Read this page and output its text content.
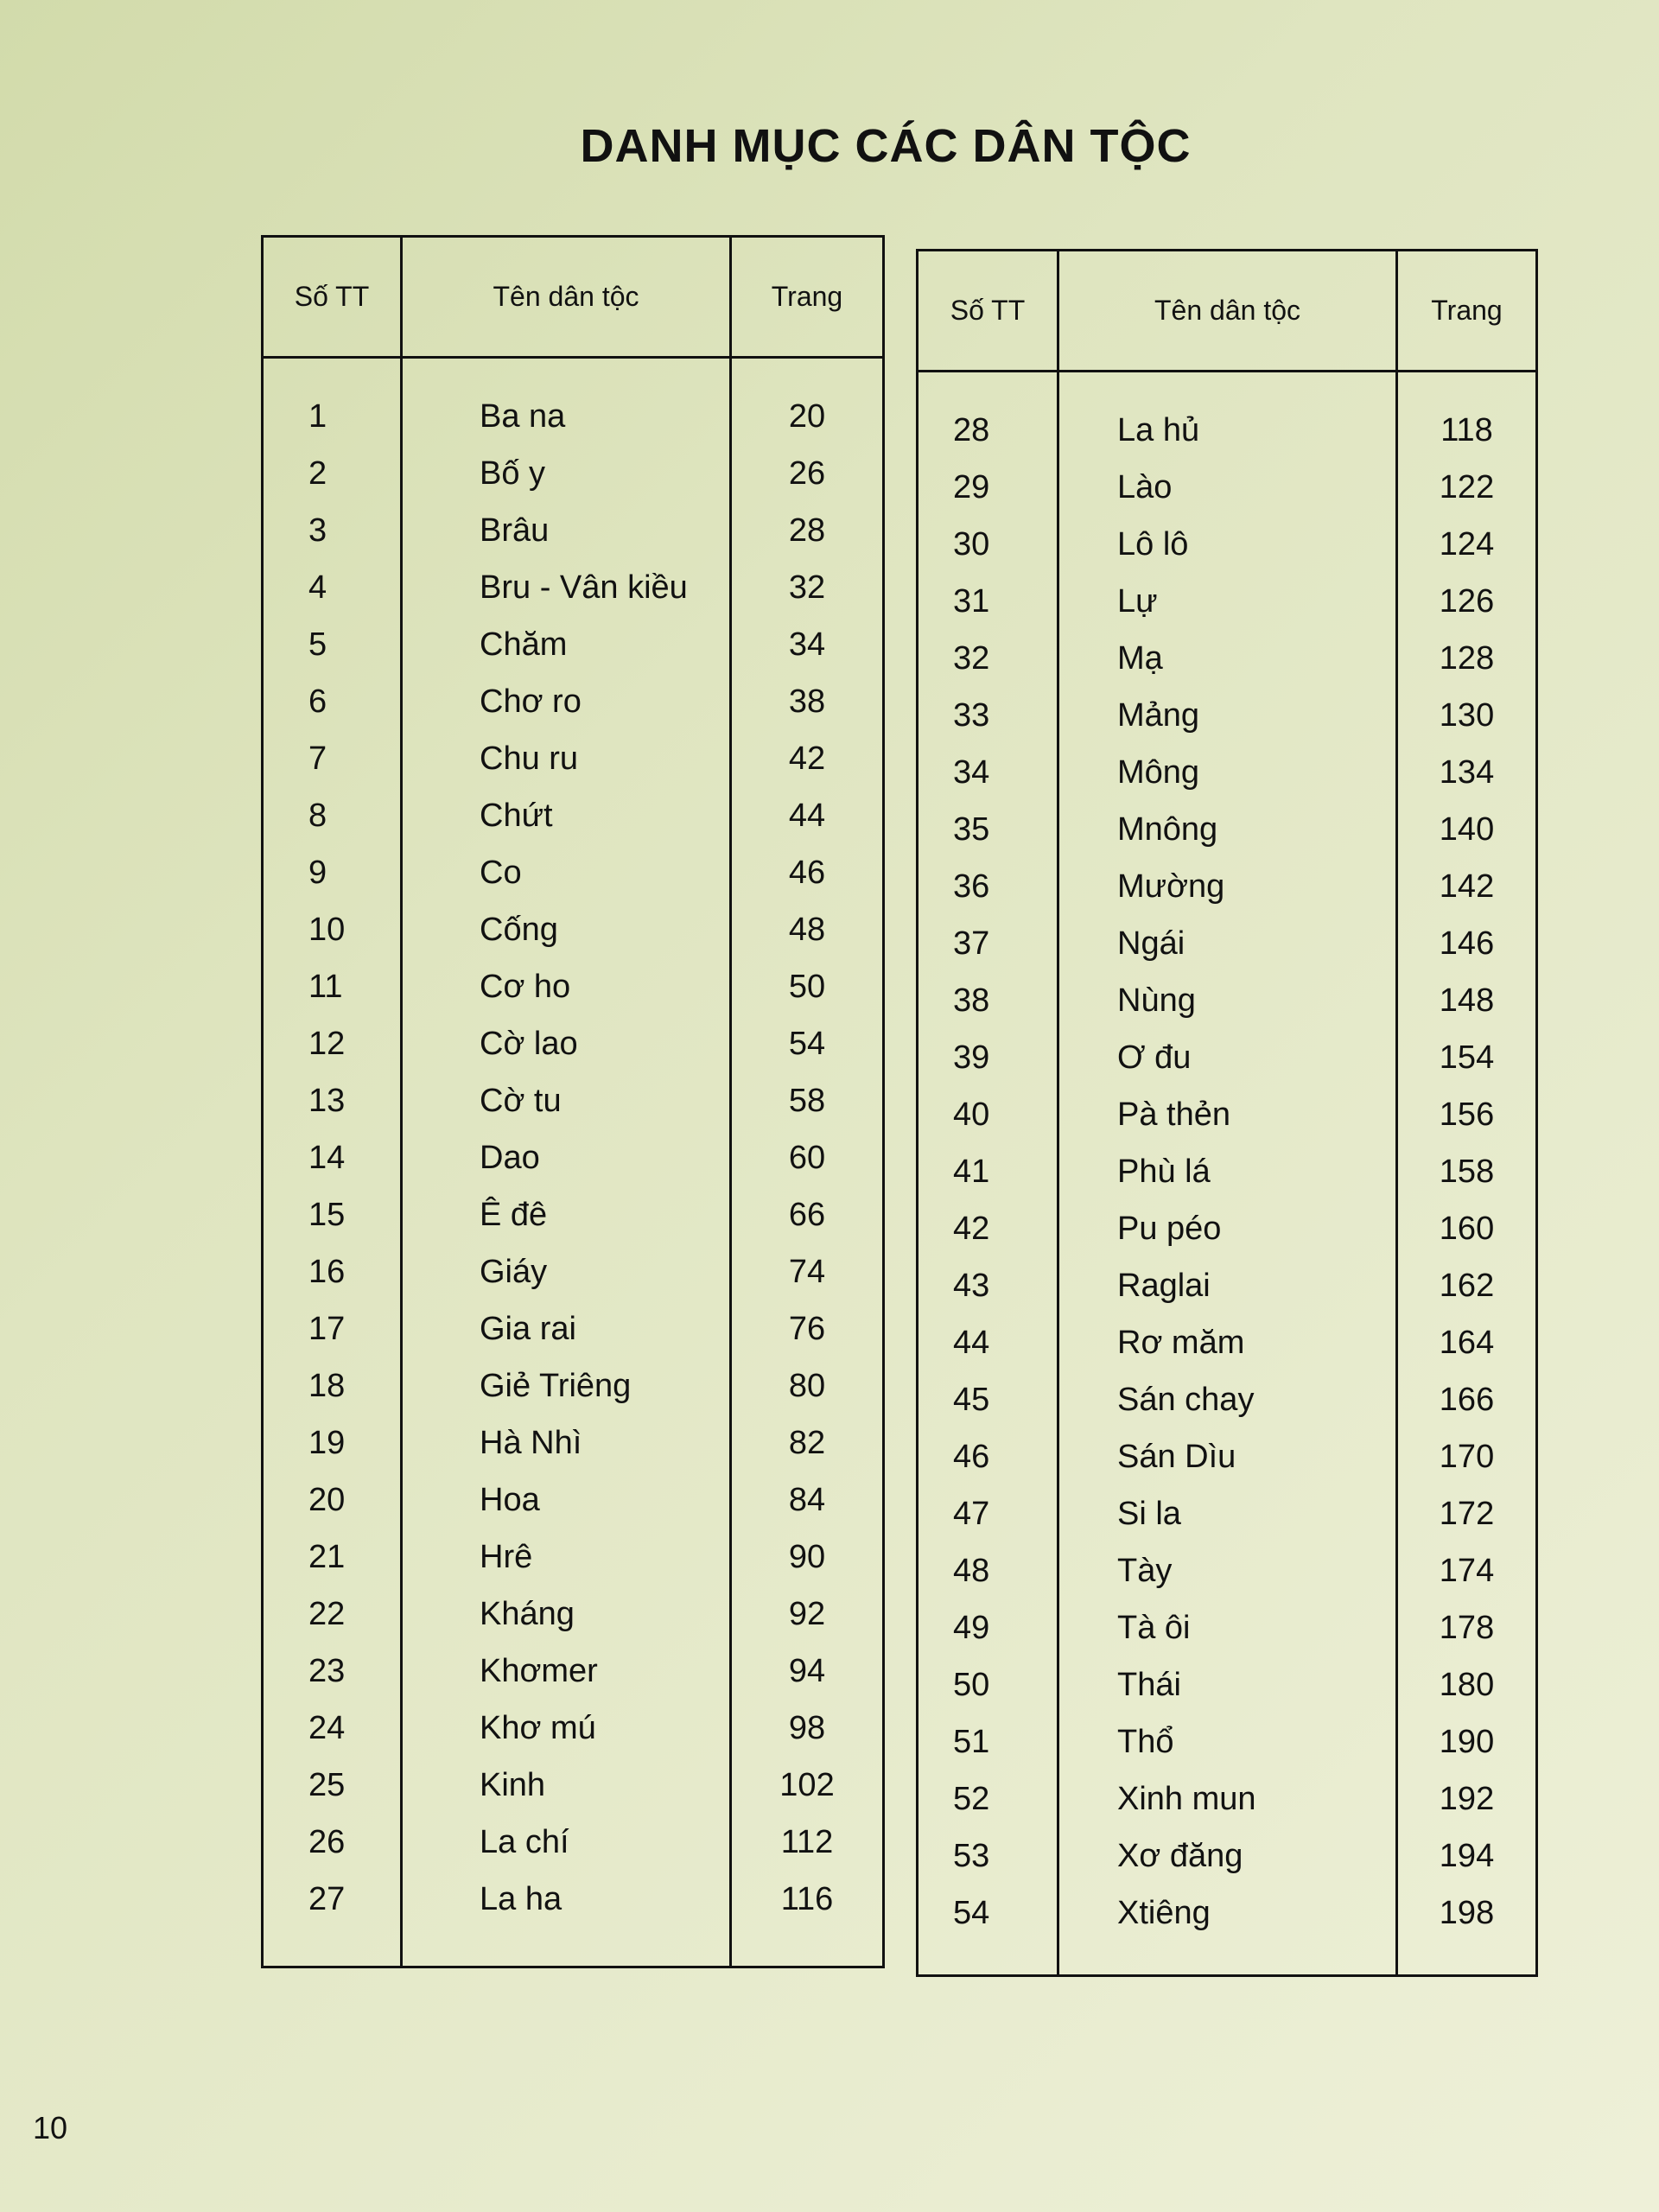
DANH MỤC CÁC DÂN TỘC
Số TT	Tên dân tộc	Trang
1	Ba na	20
2	Bố y	26
3	Brâu	28
4	Bru - Vân kiều	32
5	Chăm	34
6	Chơ ro	38
7	Chu ru	42
8	Chứt	44
9	Co	46
10	Cống	48
11	Cơ ho	50
12	Cờ lao	54
13	Cờ tu	58
14	Dao	60
15	Ê đê	66
16	Giáy	74
17	Gia rai	76
18	Giẻ Triêng	80
19	Hà Nhì	82
20	Hoa	84
21	Hrê	90
22	Kháng	92
23	Khơmer	94
24	Khơ mú	98
25	Kinh	102
26	La chí	112
27	La ha	116
Số TT	Tên dân tộc	Trang
28	La hủ	118
29	Lào	122
30	Lô lô	124
31	Lự	126
32	Mạ	128
33	Mảng	130
34	Mông	134
35	Mnông	140
36	Mường	142
37	Ngái	146
38	Nùng	148
39	Ơ đu	154
40	Pà thẻn	156
41	Phù lá	158
42	Pu péo	160
43	Raglai	162
44	Rơ măm	164
45	Sán chay	166
46	Sán Dìu	170
47	Si la	172
48	Tày	174
49	Tà ôi	178
50	Thái	180
51	Thổ	190
52	Xinh mun	192
53	Xơ đăng	194
54	Xtiêng	198
10
